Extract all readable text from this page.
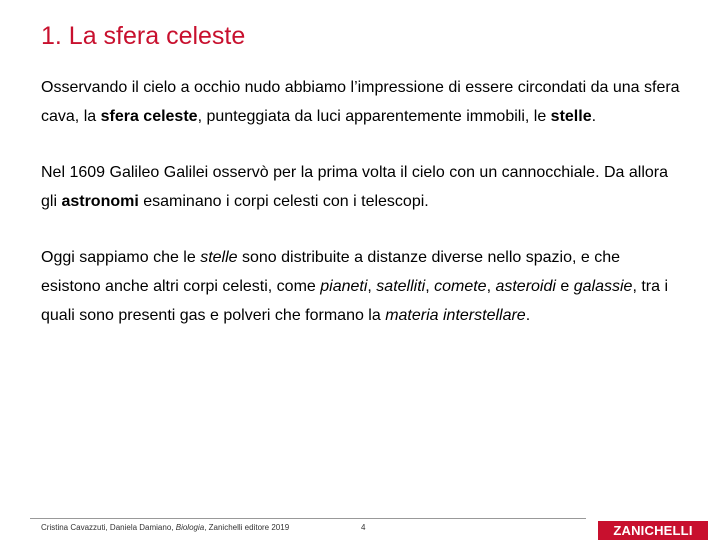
1. La sfera celeste

Osservando il cielo a occhio nudo abbiamo l’impressione di essere circondati da una sfera cava, la sfera celeste, punteggiata da luci apparentemente immobili, le stelle.

Nel 1609 Galileo Galilei osservò per la prima volta il cielo con un cannocchiale. Da allora gli astronomi esaminano i corpi celesti con i telescopi.

Oggi sappiamo che le stelle sono distribuite a distanze diverse nello spazio, e che esistono anche altri corpi celesti, come pianeti, satelliti, comete, asteroidi e galassie, tra i quali sono presenti gas e polveri che formano la materia interstellare.

Cristina Cavazzuti, Daniela Damiano, Biologia, Zanichelli editore 2019	4	ZANICHELLI
